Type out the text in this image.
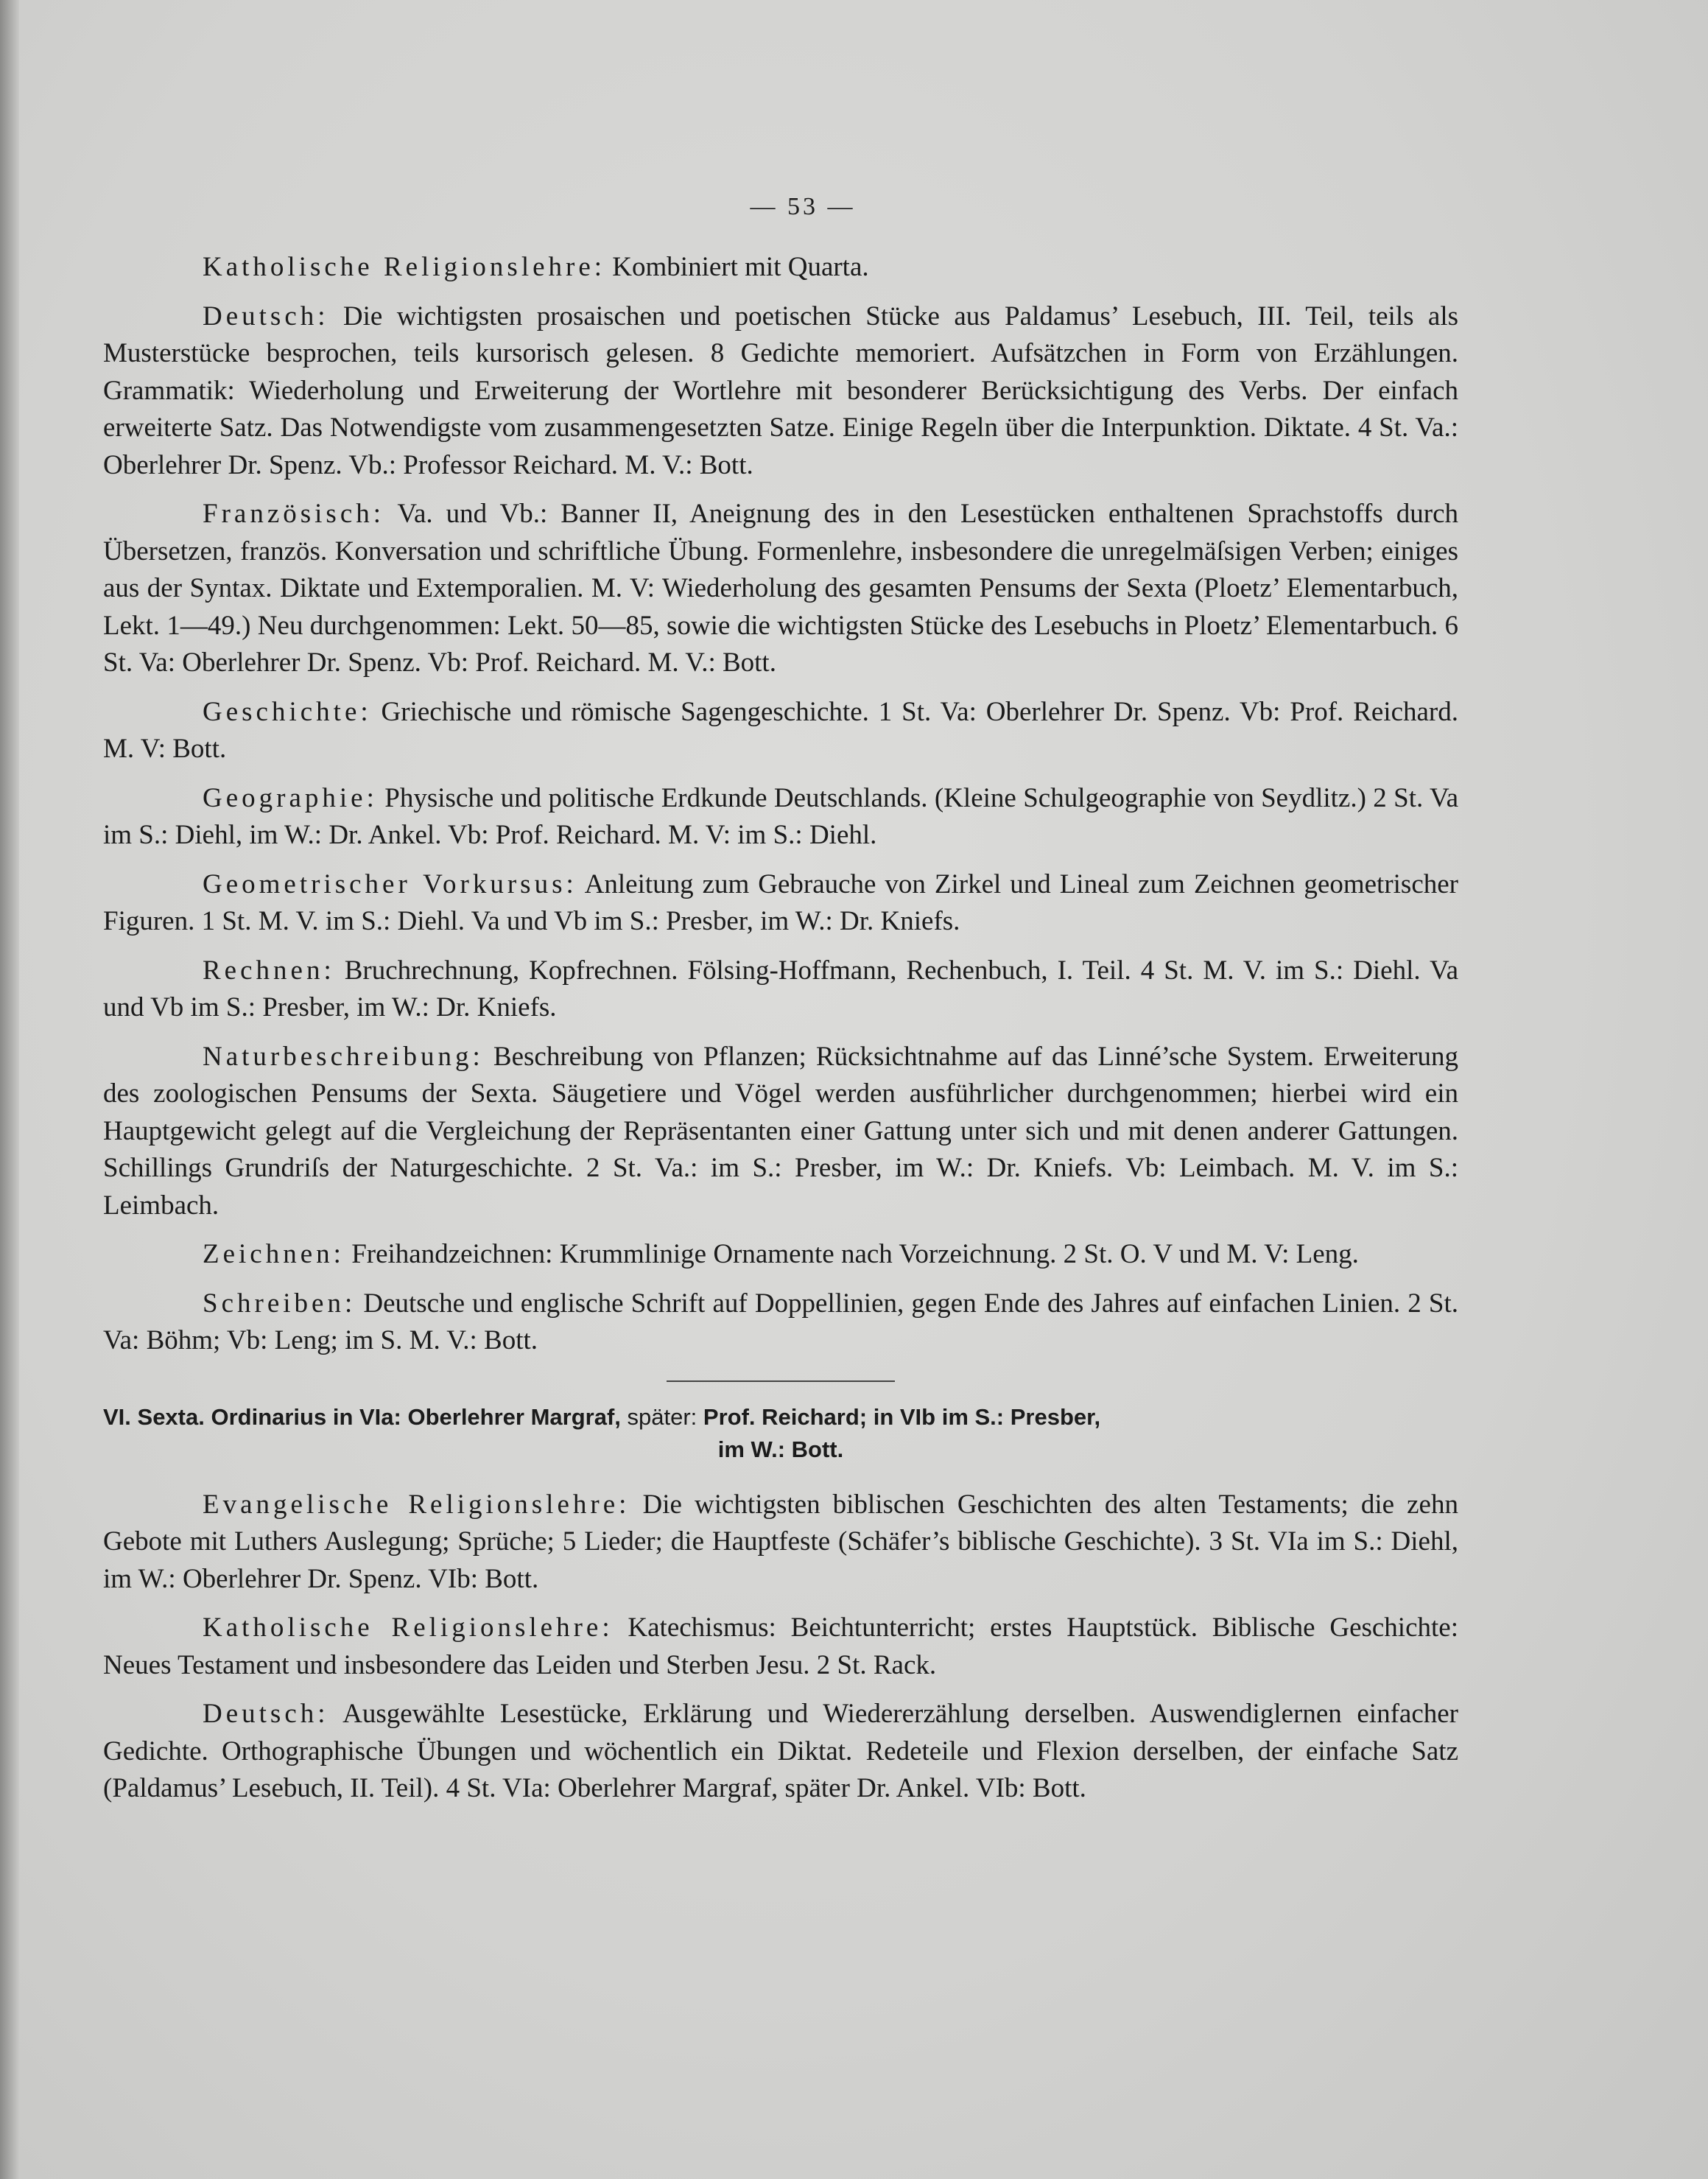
— 53 —

Katholische Religionslehre: Kombiniert mit Quarta.

Deutsch: Die wichtigsten prosaischen und poetischen Stücke aus Paldamus’ Lesebuch, III. Teil, teils als Musterstücke besprochen, teils kursorisch gelesen. 8 Gedichte memoriert. Aufsätzchen in Form von Erzählungen. Grammatik: Wiederholung und Erweiterung der Wortlehre mit besonderer Berücksichtigung des Verbs. Der einfach erweiterte Satz. Das Notwendigste vom zusammengesetzten Satze. Einige Regeln über die Interpunktion. Diktate. 4 St. Va.: Oberlehrer Dr. Spenz. Vb.: Professor Reichard. M. V.: Bott.

Französisch: Va. und Vb.: Banner II, Aneignung des in den Lesestücken enthaltenen Sprachstoffs durch Übersetzen, französ. Konversation und schriftliche Übung. Formenlehre, insbesondere die unregelmäſsigen Verben; einiges aus der Syntax. Diktate und Extemporalien. M. V: Wiederholung des gesamten Pensums der Sexta (Ploetz’ Elementarbuch, Lekt. 1—49.) Neu durchgenommen: Lekt. 50—85, sowie die wichtigsten Stücke des Lesebuchs in Ploetz’ Elementarbuch. 6 St. Va: Oberlehrer Dr. Spenz. Vb: Prof. Reichard. M. V.: Bott.

Geschichte: Griechische und römische Sagengeschichte. 1 St. Va: Oberlehrer Dr. Spenz. Vb: Prof. Reichard. M. V: Bott.

Geographie: Physische und politische Erdkunde Deutschlands. (Kleine Schulgeographie von Seydlitz.) 2 St. Va im S.: Diehl, im W.: Dr. Ankel. Vb: Prof. Reichard. M. V: im S.: Diehl.

Geometrischer Vorkursus: Anleitung zum Gebrauche von Zirkel und Lineal zum Zeichnen geometrischer Figuren. 1 St. M. V. im S.: Diehl. Va und Vb im S.: Presber, im W.: Dr. Kniefs.

Rechnen: Bruchrechnung, Kopfrechnen. Fölsing-Hoffmann, Rechenbuch, I. Teil. 4 St. M. V. im S.: Diehl. Va und Vb im S.: Presber, im W.: Dr. Kniefs.

Naturbeschreibung: Beschreibung von Pflanzen; Rücksichtnahme auf das Linné’sche System. Erweiterung des zoologischen Pensums der Sexta. Säugetiere und Vögel werden ausführlicher durchgenommen; hierbei wird ein Hauptgewicht gelegt auf die Vergleichung der Repräsentanten einer Gattung unter sich und mit denen anderer Gattungen. Schillings Grundriſs der Naturgeschichte. 2 St. Va.: im S.: Presber, im W.: Dr. Kniefs. Vb: Leimbach. M. V. im S.: Leimbach.

Zeichnen: Freihandzeichnen: Krummlinige Ornamente nach Vorzeichnung. 2 St. O. V und M. V: Leng.

Schreiben: Deutsche und englische Schrift auf Doppellinien, gegen Ende des Jahres auf einfachen Linien. 2 St. Va: Böhm; Vb: Leng; im S. M. V.: Bott.

VI. Sexta. Ordinarius in VIa: Oberlehrer Margraf, später: Prof. Reichard; in VIb im S.: Presber,
im W.: Bott.

Evangelische Religionslehre: Die wichtigsten biblischen Geschichten des alten Testaments; die zehn Gebote mit Luthers Auslegung; Sprüche; 5 Lieder; die Hauptfeste (Schäfer’s biblische Geschichte). 3 St. VIa im S.: Diehl, im W.: Oberlehrer Dr. Spenz. VIb: Bott.

Katholische Religionslehre: Katechismus: Beichtunterricht; erstes Hauptstück. Biblische Geschichte: Neues Testament und insbesondere das Leiden und Sterben Jesu. 2 St. Rack.

Deutsch: Ausgewählte Lesestücke, Erklärung und Wiedererzählung derselben. Auswendiglernen einfacher Gedichte. Orthographische Übungen und wöchentlich ein Diktat. Redeteile und Flexion derselben, der einfache Satz (Paldamus’ Lesebuch, II. Teil). 4 St. VIa: Oberlehrer Margraf, später Dr. Ankel. VIb: Bott.
